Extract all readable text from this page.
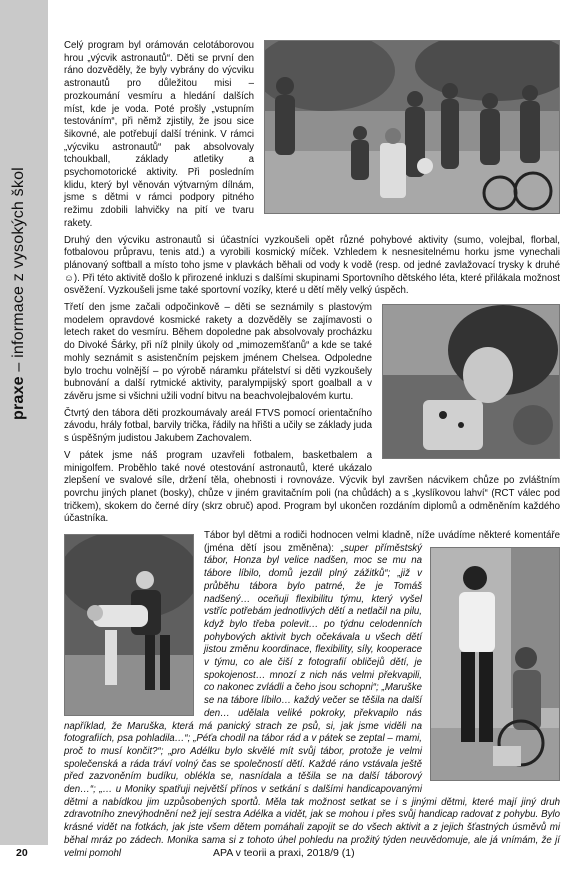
praxe – informace z vysokých škol

Celý program byl orámován celotáborovou hrou „výcvik astronautů“. Děti se první den ráno dozvěděly, že byly vybrány do výcviku astronautů pro důležitou misi – prozkoumání vesmíru a hledání dalších míst, kde je voda. Poté prošly „vstupním testováním“, při němž zjistily, že jsou sice šikovné, ale potřebují další trénink. V rámci „výcviku astronautů“ pak absolvovaly tchoukball, základy atletiky a psychomotorické aktivity. Při posledním klidu, který byl věnován výtvarným dílnám, jsme s dětmi v rámci podpory pitného režimu zdobili lahvičky na pití ve tvaru rakety.

Druhý den výcviku astronautů si účastníci vyzkoušeli opět různé pohybové aktivity (sumo, volejbal, florbal, fotbalovou průpravu, tenis atd.) a vyrobili kosmický míček. Vzhledem k nesnesitelnému horku jsme vynechali plánovaný softball a místo toho jsme v plavkách běhali od vody k vodě (resp. od jedné zavlažovací trysky k druhé ☺). Při této aktivitě došlo k přirozené inkluzi s dalšími skupinami Sportovního dětského léta, které přilákala možnost osvěžení. Vyzkoušeli jsme také sportovní vozíky, které u dětí měly velký úspěch.

Třetí den jsme začali odpočinkově – děti se seznámily s plastovým modelem opravdové kosmické rakety a dozvěděly se zajímavosti o letech raket do vesmíru. Během dopoledne pak absolvovaly procházku do Divoké Šárky, při níž plnily úkoly od „mimozemšťanů“ a kde se také mohly seznámit s asistenčním pejskem jménem Chelsea. Odpoledne bylo trochu volnější – po výrobě náramku přátelství si děti vyzkoušely bubnování a další rytmické aktivity, paralympijský sport goalball a v závěru jsme si všichni užili vodní bitvu na beachvolejbalovém kurtu.

Čtvrtý den tábora děti prozkoumávaly areál FTVS pomocí orientačního závodu, hrály fotbal, barvily trička, řádily na hřišti a učily se základy juda s úspěšným judistou Jakubem Zachovalem.

V pátek jsme náš program uzavřeli fotbalem, basketbalem a minigolfem. Proběhlo také nové otestování astronautů, které ukázalo zlepšení ve svalové síle, držení těla, ohebnosti i rovnováze. Výcvik byl završen nácvikem chůze po zvláštním povrchu jiných planet (bosky), chůze v jiném gravitačním poli (na chůdách) a s „kyslíkovou lahví“ (RCT válec pod tričkem), skokem do černé díry (skrz obruč) apod. Program byl ukončen rozdáním diplomů a odměněním každého účastníka.

Tábor byl dětmi a rodiči hodnocen velmi kladně, níže uvádíme některé komentáře (jména dětí jsou změněna):
„super příměstský tábor, Honza byl velice nadšen, moc se mu na tábore líbilo, domů jezdil plný zážitků“; „již v průběhu tábora bylo patrné, že je Tomáš nadšený… oceňuji flexibilitu týmu, který vyšel vstříc potřebám jednotlivých dětí a netlačil na pilu, když bylo třeba polevit… po týdnu celodenních pohybových aktivit bych očekávala u všech dětí jistou změnu koordinace, flexibility, síly, kooperace v týmu, co ale čiší z fotografií obličejů dětí, je spokojenost… mnozí z nich nás velmi překvapili, co nakonec zvládli a čeho jsou schopni“; „Maruške se na tábore líbilo… každý večer se těšila na další den… udělala veliké pokroky, překvapilo nás například, že Maruška, která má panický strach ze psů, si, jak jsme viděli na fotografiích, psa pohladila…“; „Péťa chodil na tábor rád a v pátek se zeptal – mami, proč to musí končit?“; „pro Adélku bylo skvělé mít svůj tábor, protože je velmi společenská a ráda tráví volný čas se společností dětí. Každé ráno vstávala ještě před zazvoněním budíku, oblékla se, nasnídala a těšila se na další táborový den…“; „… u Moniky spatřuji největší přínos v setkání s dalšími handicapovanými dětmi a nabídkou jim uzpůsobených sportů. Měla tak možnost setkat se i s jinými dětmi, které mají jiný druh zdravotního znevýhodnění než její sestra Adélka a vidět, jak se mohou i přes svůj handicap radovat z pohybu. Bylo krásné vidět na fotkách, jak jste všem dětem pomáhali zapojit se do všech aktivit a z jejich šťastných úsměvů mi běhal mráz po zádech. Monika sama si z tohoto úhel pohledu na prožitý týden neuvědomuje, ale já vnímám, že jí velmi pomohl

20	APA v teorii a praxi, 2018/9 (1)
